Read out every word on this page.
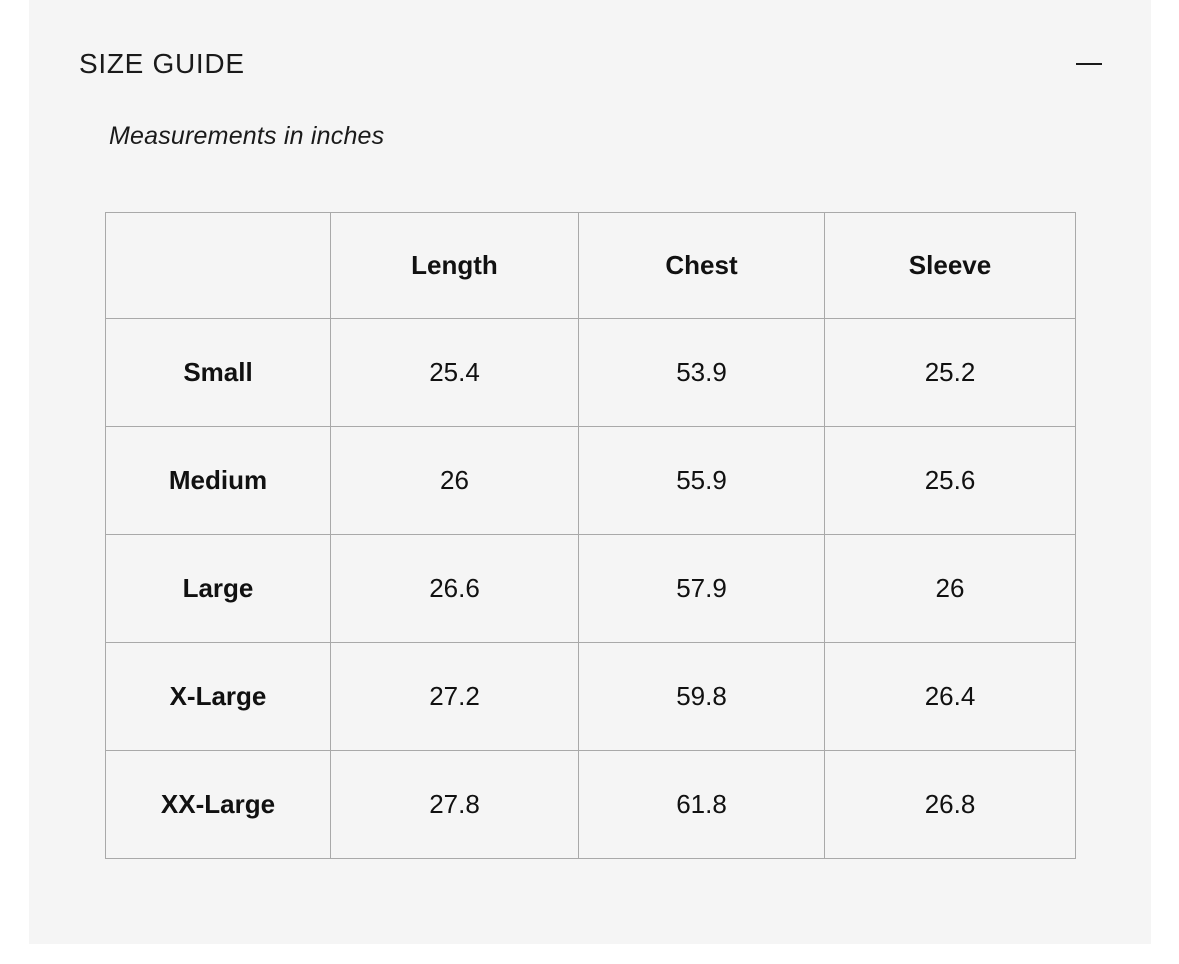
SIZE GUIDE
Measurements in inches
	Length	Chest	Sleeve
Small	25.4	53.9	25.2
Medium	26	55.9	25.6
Large	26.6	57.9	26
X-Large	27.2	59.8	26.4
XX-Large	27.8	61.8	26.8
